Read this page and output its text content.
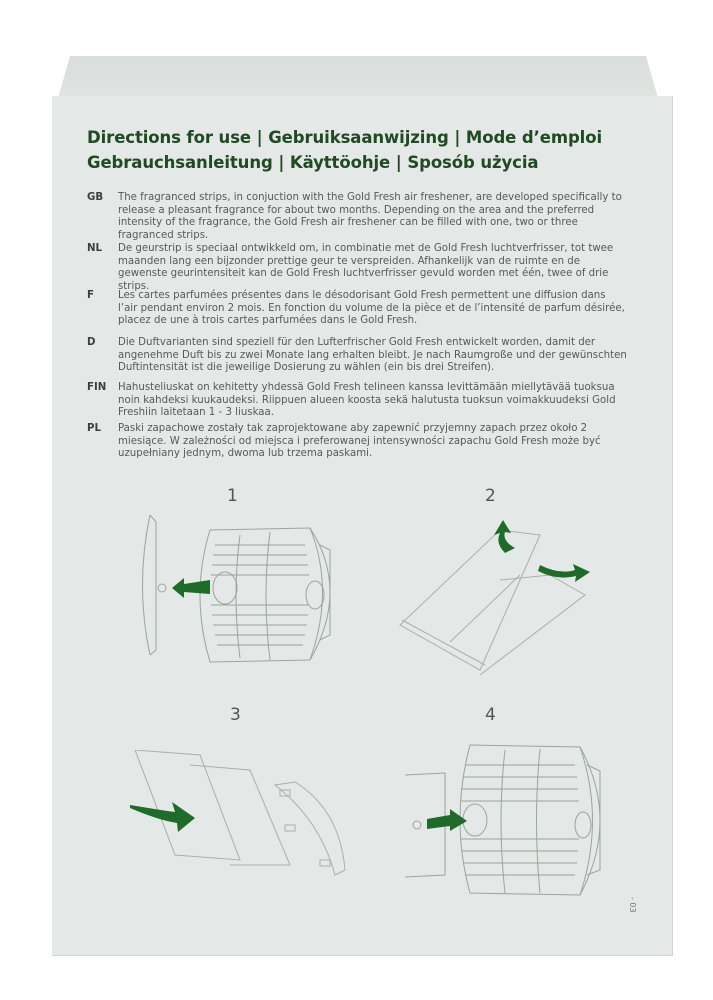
Directions for use | Gebruiksaanwijzing | Mode d’emploi
Gebrauchsanleitung | Käyttöohje | Sposób użycia
GB	The fragranced strips, in conjuction with the Gold Fresh air freshener, are developed specifically to release a pleasant fragrance for about two months. Depending on the area and the preferred intensity of the fragrance, the Gold Fresh air freshener can be filled with one, two or three fragranced strips.
NL	De geurstrip is speciaal ontwikkeld om, in combinatie met de Gold Fresh luchtverfrisser, tot twee maanden lang een bijzonder prettige geur te verspreiden. Afhankelijk van de ruimte en de gewenste geurintensiteit kan de Gold Fresh luchtverfrisser gevuld worden met één, twee of drie strips.
F	Les cartes parfumées présentes dans le désodorisant Gold Fresh permettent une diffusion dans l’air pendant environ 2 mois. En fonction du volume de la pièce et de l’intensité de parfum désirée, placez de une à trois cartes parfumées dans le Gold Fresh.
D	Die Duftvarianten sind speziell für den Lufterfrischer Gold Fresh entwickelt worden, damit der angenehme Duft bis zu zwei Monate lang erhalten bleibt. Je nach Raumgroße und der gewünschten Duftintensität ist die jeweilige Dosierung zu wählen (ein bis drei Streifen).
FIN	Hahusteliuskat on kehitetty yhdessä Gold Fresh telineen kanssa levittämään miellytävää tuoksua noin kahdeksi kuukaudeksi. Riippuen alueen koosta sekä halutusta tuoksun voimakkuudeksi Gold Freshiin laitetaan 1 - 3 liuskaa.
PL	Paski zapachowe zostały tak zaprojektowane aby zapewnić przyjemny zapach przez około 2 miesiące. W zależności od miejsca i preferowanej intensywności zapachu Gold Fresh może być uzupełniany jednym, dwoma lub trzema paskami.
1	2
3	4
- 03
